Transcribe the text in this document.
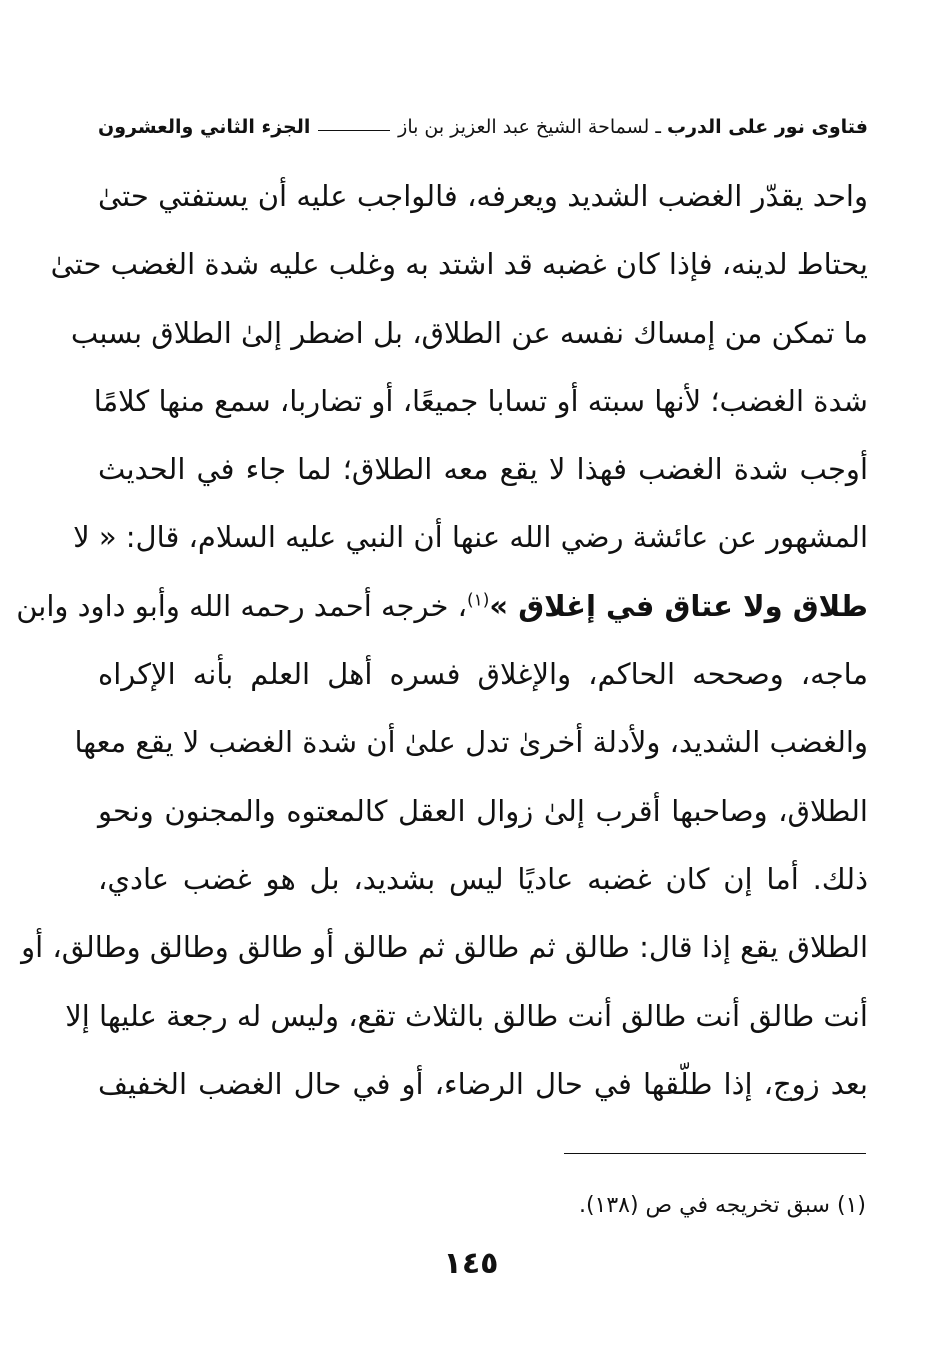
فتاوى نور على الدرب

ـ لسماحة الشيخ عبد العزيز بن باز
الجزء الثاني والعشرون
واحد يقدّر الغضب الشديد ويعرفه، فالواجب عليه أن يستفتي حتىٰ
يحتاط لدينه، فإذا كان غضبه قد اشتد به وغلب عليه شدة الغضب حتىٰ
ما تمكن من إمساك نفسه عن الطلاق، بل اضطر إلىٰ الطلاق بسبب
شدة الغضب؛ لأنها سبته أو تسابا جميعًا، أو تضاربا، سمع منها كلامًا
أوجب شدة الغضب فهذا لا يقع معه الطلاق؛ لما جاء في الحديث
المشهور عن عائشة رضي الله عنها أن النبي عليه السلام، قال: « لا
طلاق ولا عتاق في إغلاق »$^{(١)}$، خرجه أحمد رحمه الله وأبو داود وابن
ماجه، وصححه الحاكم، والإغلاق فسره أهل العلم بأنه الإكراه
والغضب الشديد، ولأدلة أخرىٰ تدل علىٰ أن شدة الغضب لا يقع معها
الطلاق، وصاحبها أقرب إلىٰ زوال العقل كالمعتوه والمجنون ونحو
ذلك. أما إن كان غضبه عاديًا ليس بشديد، بل هو غضب عادي،
الطلاق يقع إذا قال: طالق ثم طالق ثم طالق أو طالق وطالق وطالق، أو
أنت طالق أنت طالق أنت طالق بالثلاث تقع، وليس له رجعة عليها إلا
بعد زوج، إذا طلّقها في حال الرضاء، أو في حال الغضب الخفيف
(١) سبق تخريجه في ص (١٣٨).
١٤٥
